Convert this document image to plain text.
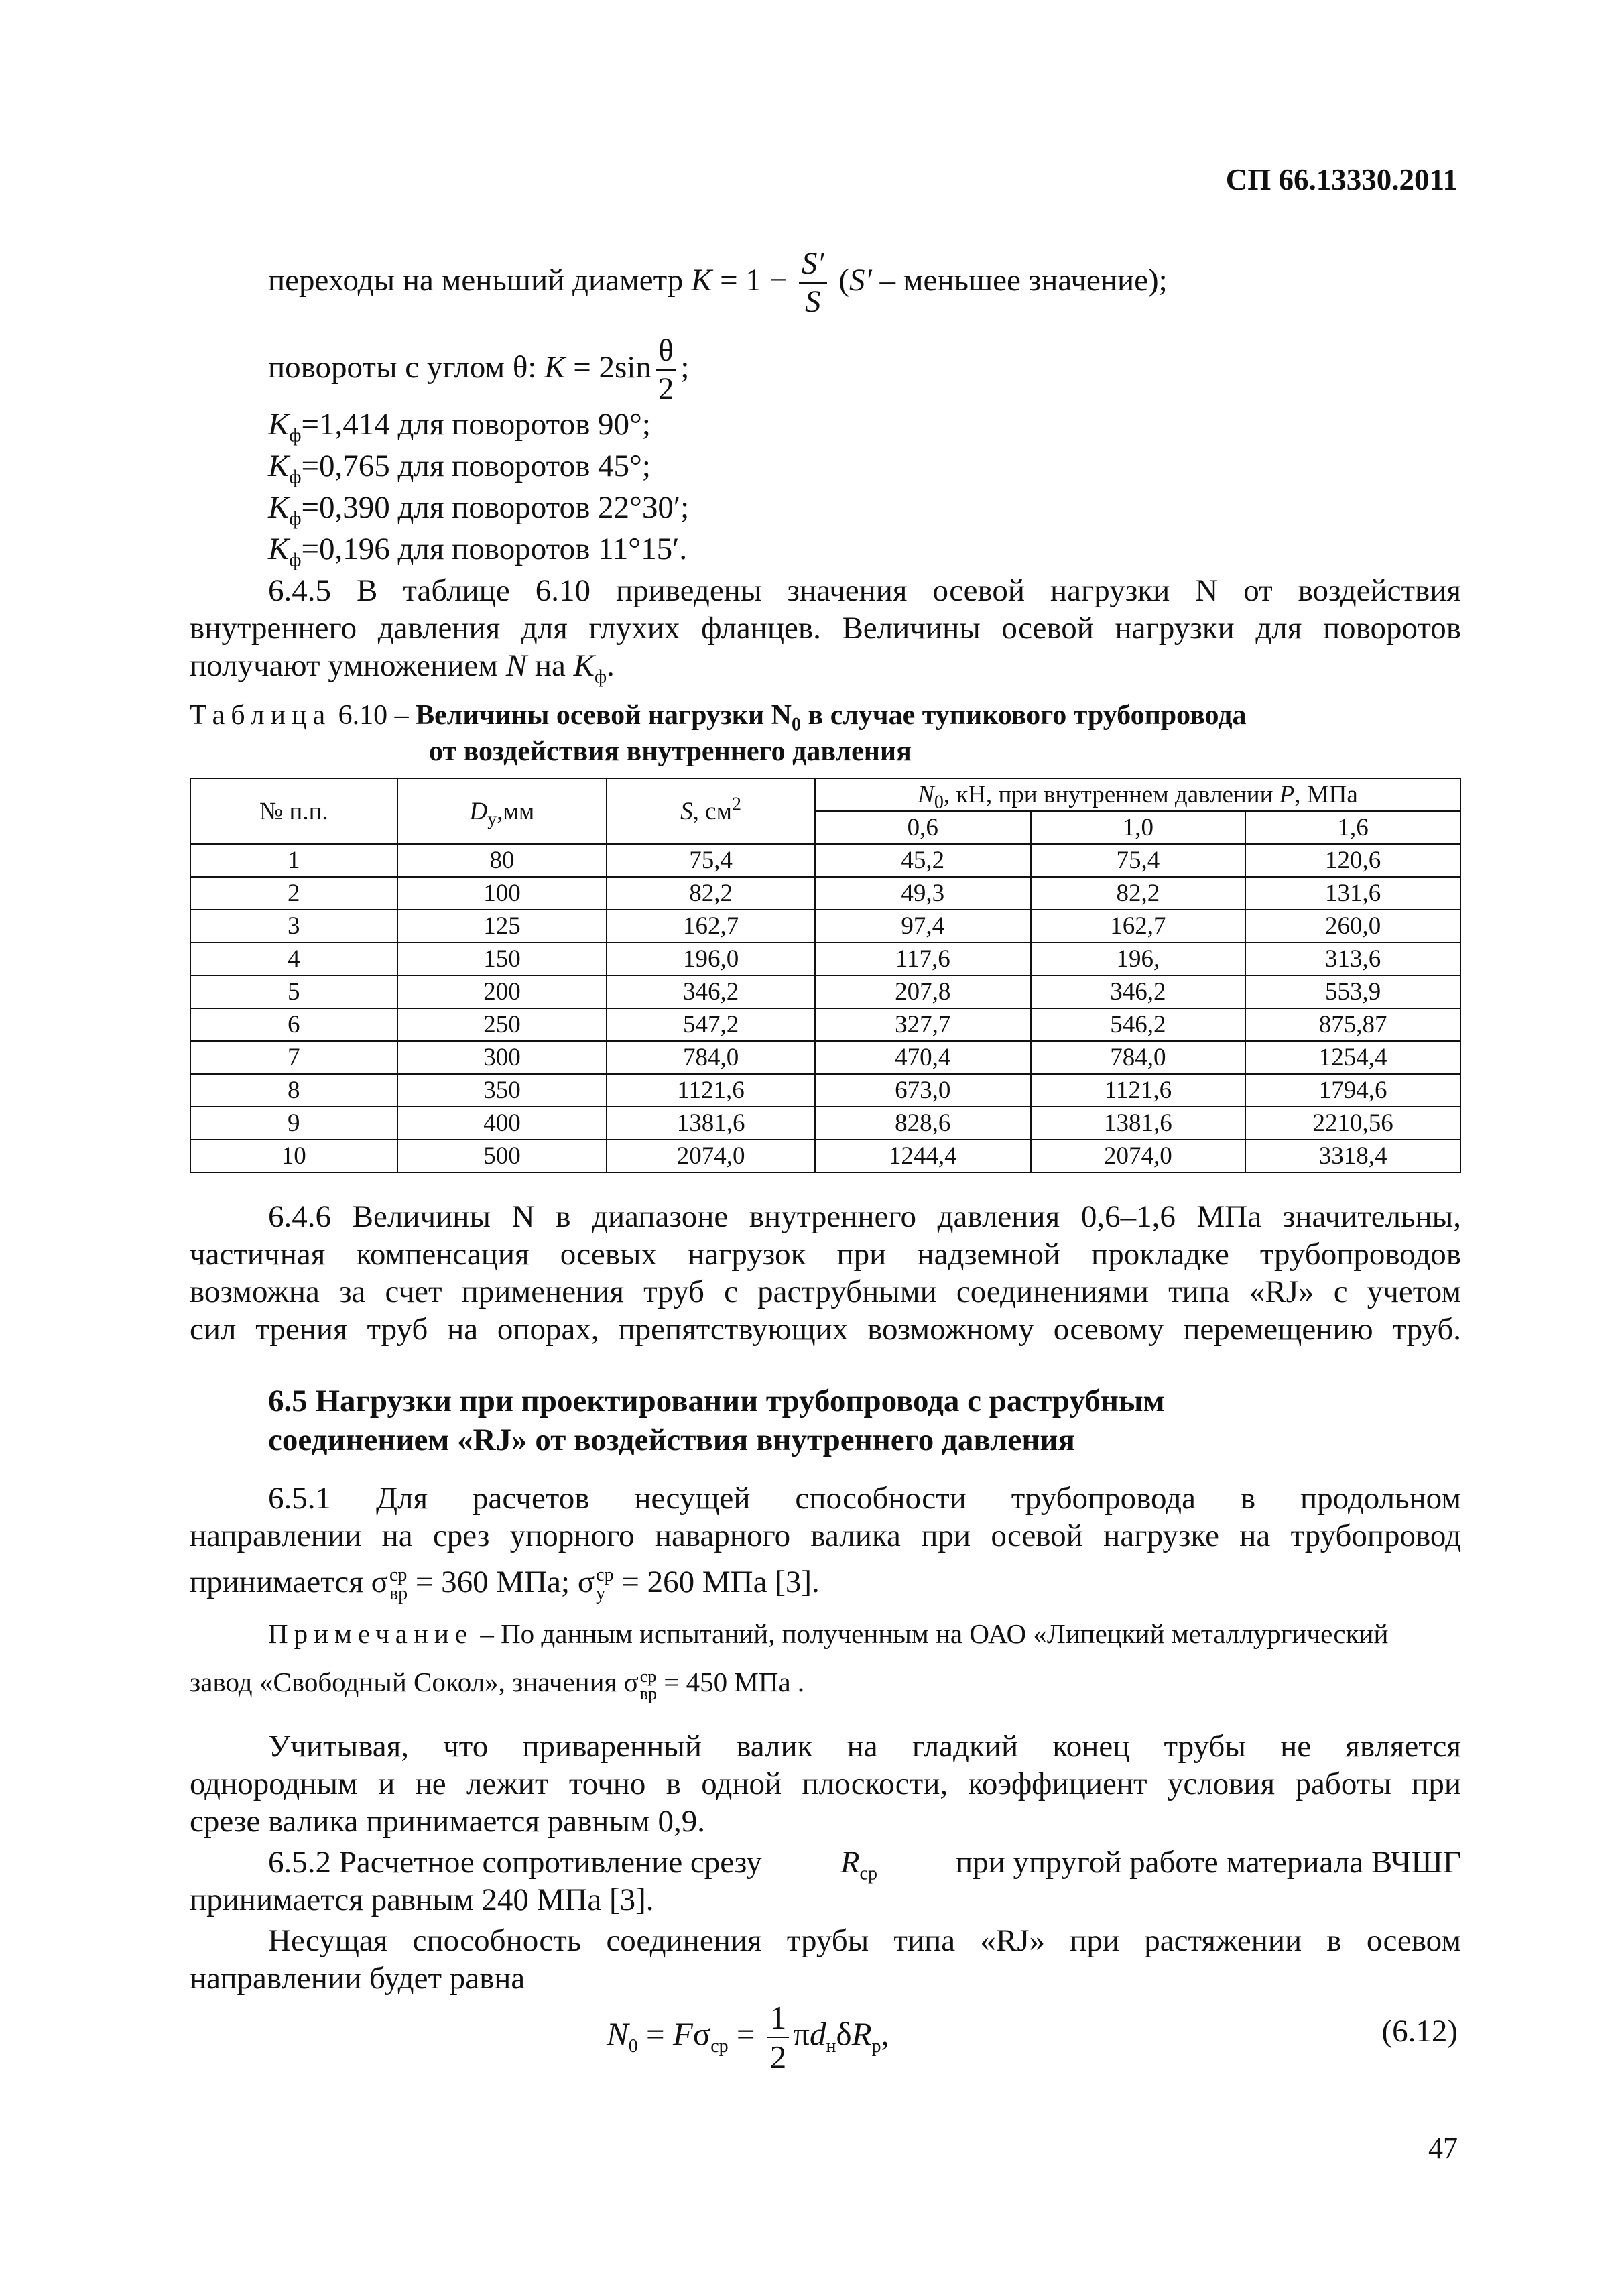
СП 66.13330.2011
переходы на меньший диаметр $K = 1 - \frac{S'}{S} (S'$ – меньшее значение);
повороты с углом θ: $K = 2\sin \frac{\theta}{2}$ ;
$K_ф=1,414$ для поворотов 90°;
$K_ф=0,765$ для поворотов 45°;
$K_ф=0,390$ для поворотов 22°30′;
$K_ф=0,196$ для поворотов 11°15′.
6.4.5 В таблице 6.10 приведены значения осевой нагрузки N от воздействия
внутреннего давления для глухих фланцев. Величины осевой нагрузки для поворотов
получают умножением N на $K_ф$.
Таблица 6.10 – Величины осевой нагрузки $N_0$ в случае тупикового трубопровода
от воздействия внутреннего давления
№ п.п.	$D_у,мм$	S, $см^2$	$N_0$, кН, при внутреннем давлении P, МПа		
			0,6	1,0	1,6
1	80	75,4	45,2	75,4	120,6
2	100	82,2	49,3	82,2	131,6
3	125	162,7	97,4	162,7	260,0
4	150	196,0	117,6	196,	313,6
5	200	346,2	207,8	346,2	553,9
6	250	547,2	327,7	546,2	875,87
7	300	784,0	470,4	784,0	1254,4
8	350	1121,6	673,0	1121,6	1794,6
9	400	1381,6	828,6	1381,6	2210,56
10	500	2074,0	1244,4	2074,0	3318,4
6.4.6 Величины N в диапазоне внутреннего давления 0,6–1,6 МПа значительны,
частичная компенсация осевых нагрузок при надземной прокладке трубопроводов
возможна за счет применения труб с раструбными соединениями типа «RJ» с учетом
сил трения труб на опорах, препятствующих возможному осевому перемещению труб.
6.5 Нагрузки при проектировании трубопровода с раструбным
соединением «RJ» от воздействия внутреннего давления
6.5.1 Для расчетов несущей способности трубопровода в продольном
направлении на срез упорного наварного валика при осевой нагрузке на трубопровод
принимается σ ср
вр = 360 МПа; σ ср
у = 260 МПа [3].
Примечание – По данным испытаний, полученным на ОАО «Липецкий металлургический
завод «Свободный Сокол», значения σ ср
вр = 450 МПа .
Учитывая, что приваренный валик на гладкий конец трубы не является
однородным и не лежит точно в одной плоскости, коэффициент условия работы при
срезе валика принимается равным 0,9.
6.5.2 Расчетное сопротивление срезу $R_{ср}$ при упругой работе материала ВЧШГ
принимается равным 240 МПа [3].
Несущая способность соединения трубы типа «RJ» при растяжении в осевом
направлении будет равна
$N_0 = F\sigma_{ср} = \frac{1}{2} \pi d_н\delta R_р$,	(6.12)
47
